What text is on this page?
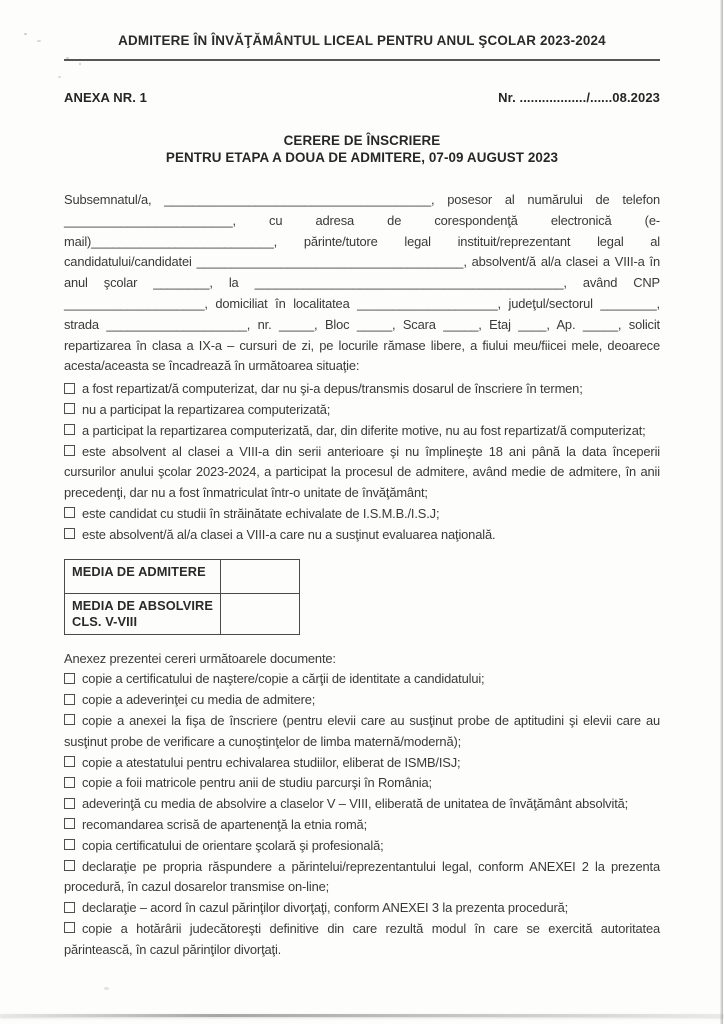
ADMITERE ÎN ÎNVĂŢĂMÂNTUL LICEAL PENTRU ANUL ŞCOLAR 2023-2024
ANEXA NR. 1	Nr. ................../......08.2023
CERERE DE ÎNSCRIERE
PENTRU ETAPA A DOUA DE ADMITERE, 07-09 AUGUST 2023
Subsemnatul/a, ______________________________________, posesor al numărului de telefon ________________________, cu adresa de corespondenţă electronică (e-mail)__________________________, părinte/tutore legal instituit/reprezentant legal al candidatului/candidatei ______________________________________, absolvent/ă al/a clasei a VIII-a în anul şcolar ________, la ____________________________________________, având CNP ____________________, domiciliat în localitatea ____________________, judeţul/sectorul ________, strada ____________________, nr. _____, Bloc _____, Scara _____, Etaj ____, Ap. _____, solicit repartizarea în clasa a IX-a – cursuri de zi, pe locurile rămase libere, a fiului meu/fiicei mele, deoarece acesta/aceasta se încadrează în următoarea situaţie:
a fost repartizat/ă computerizat, dar nu şi-a depus/transmis dosarul de înscriere în termen;
nu a participat la repartizarea computerizată;
a participat la repartizarea computerizată, dar, din diferite motive, nu au fost repartizat/ă computerizat;
este absolvent al clasei a VIII-a din serii anterioare şi nu împlineşte 18 ani până la data începerii cursurilor anului şcolar 2023-2024, a participat la procesul de admitere, având medie de admitere, în anii precedenţi, dar nu a fost înmatriculat într-o unitate de învăţământ;
este candidat cu studii în străinătate echivalate de I.S.M.B./I.S.J;
este absolvent/ă al/a clasei a VIII-a care nu a susţinut evaluarea naţională.
MEDIA DE ADMITERE	
MEDIA DE ABSOLVIRE CLS. V-VIII	
Anexez prezentei cereri următoarele documente:
copie a certificatului de naştere/copie a cărţii de identitate a candidatului;
copie a adeverinţei cu media de admitere;
copie a anexei la fişa de înscriere (pentru elevii care au susţinut probe de aptitudini şi elevii care au susţinut probe de verificare a cunoştinţelor de limba maternă/modernă);
copie a atestatului pentru echivalarea studiilor, eliberat de ISMB/ISJ;
copie a foii matricole pentru anii de studiu parcurşi în România;
adeverinţă cu media de absolvire a claselor V – VIII, eliberată de unitatea de învăţământ absolvită;
recomandarea scrisă de apartenenţă la etnia romă;
copia certificatului de orientare şcolară şi profesională;
declaraţie pe propria răspundere a părintelui/reprezentantului legal, conform ANEXEI 2 la prezenta procedură, în cazul dosarelor transmise on-line;
declaraţie – acord în cazul părinţilor divorţaţi, conform ANEXEI 3 la prezenta procedură;
copie a hotărârii judecătoreşti definitive din care rezultă modul în care se exercită autoritatea părintească, în cazul părinţilor divorţaţi.
